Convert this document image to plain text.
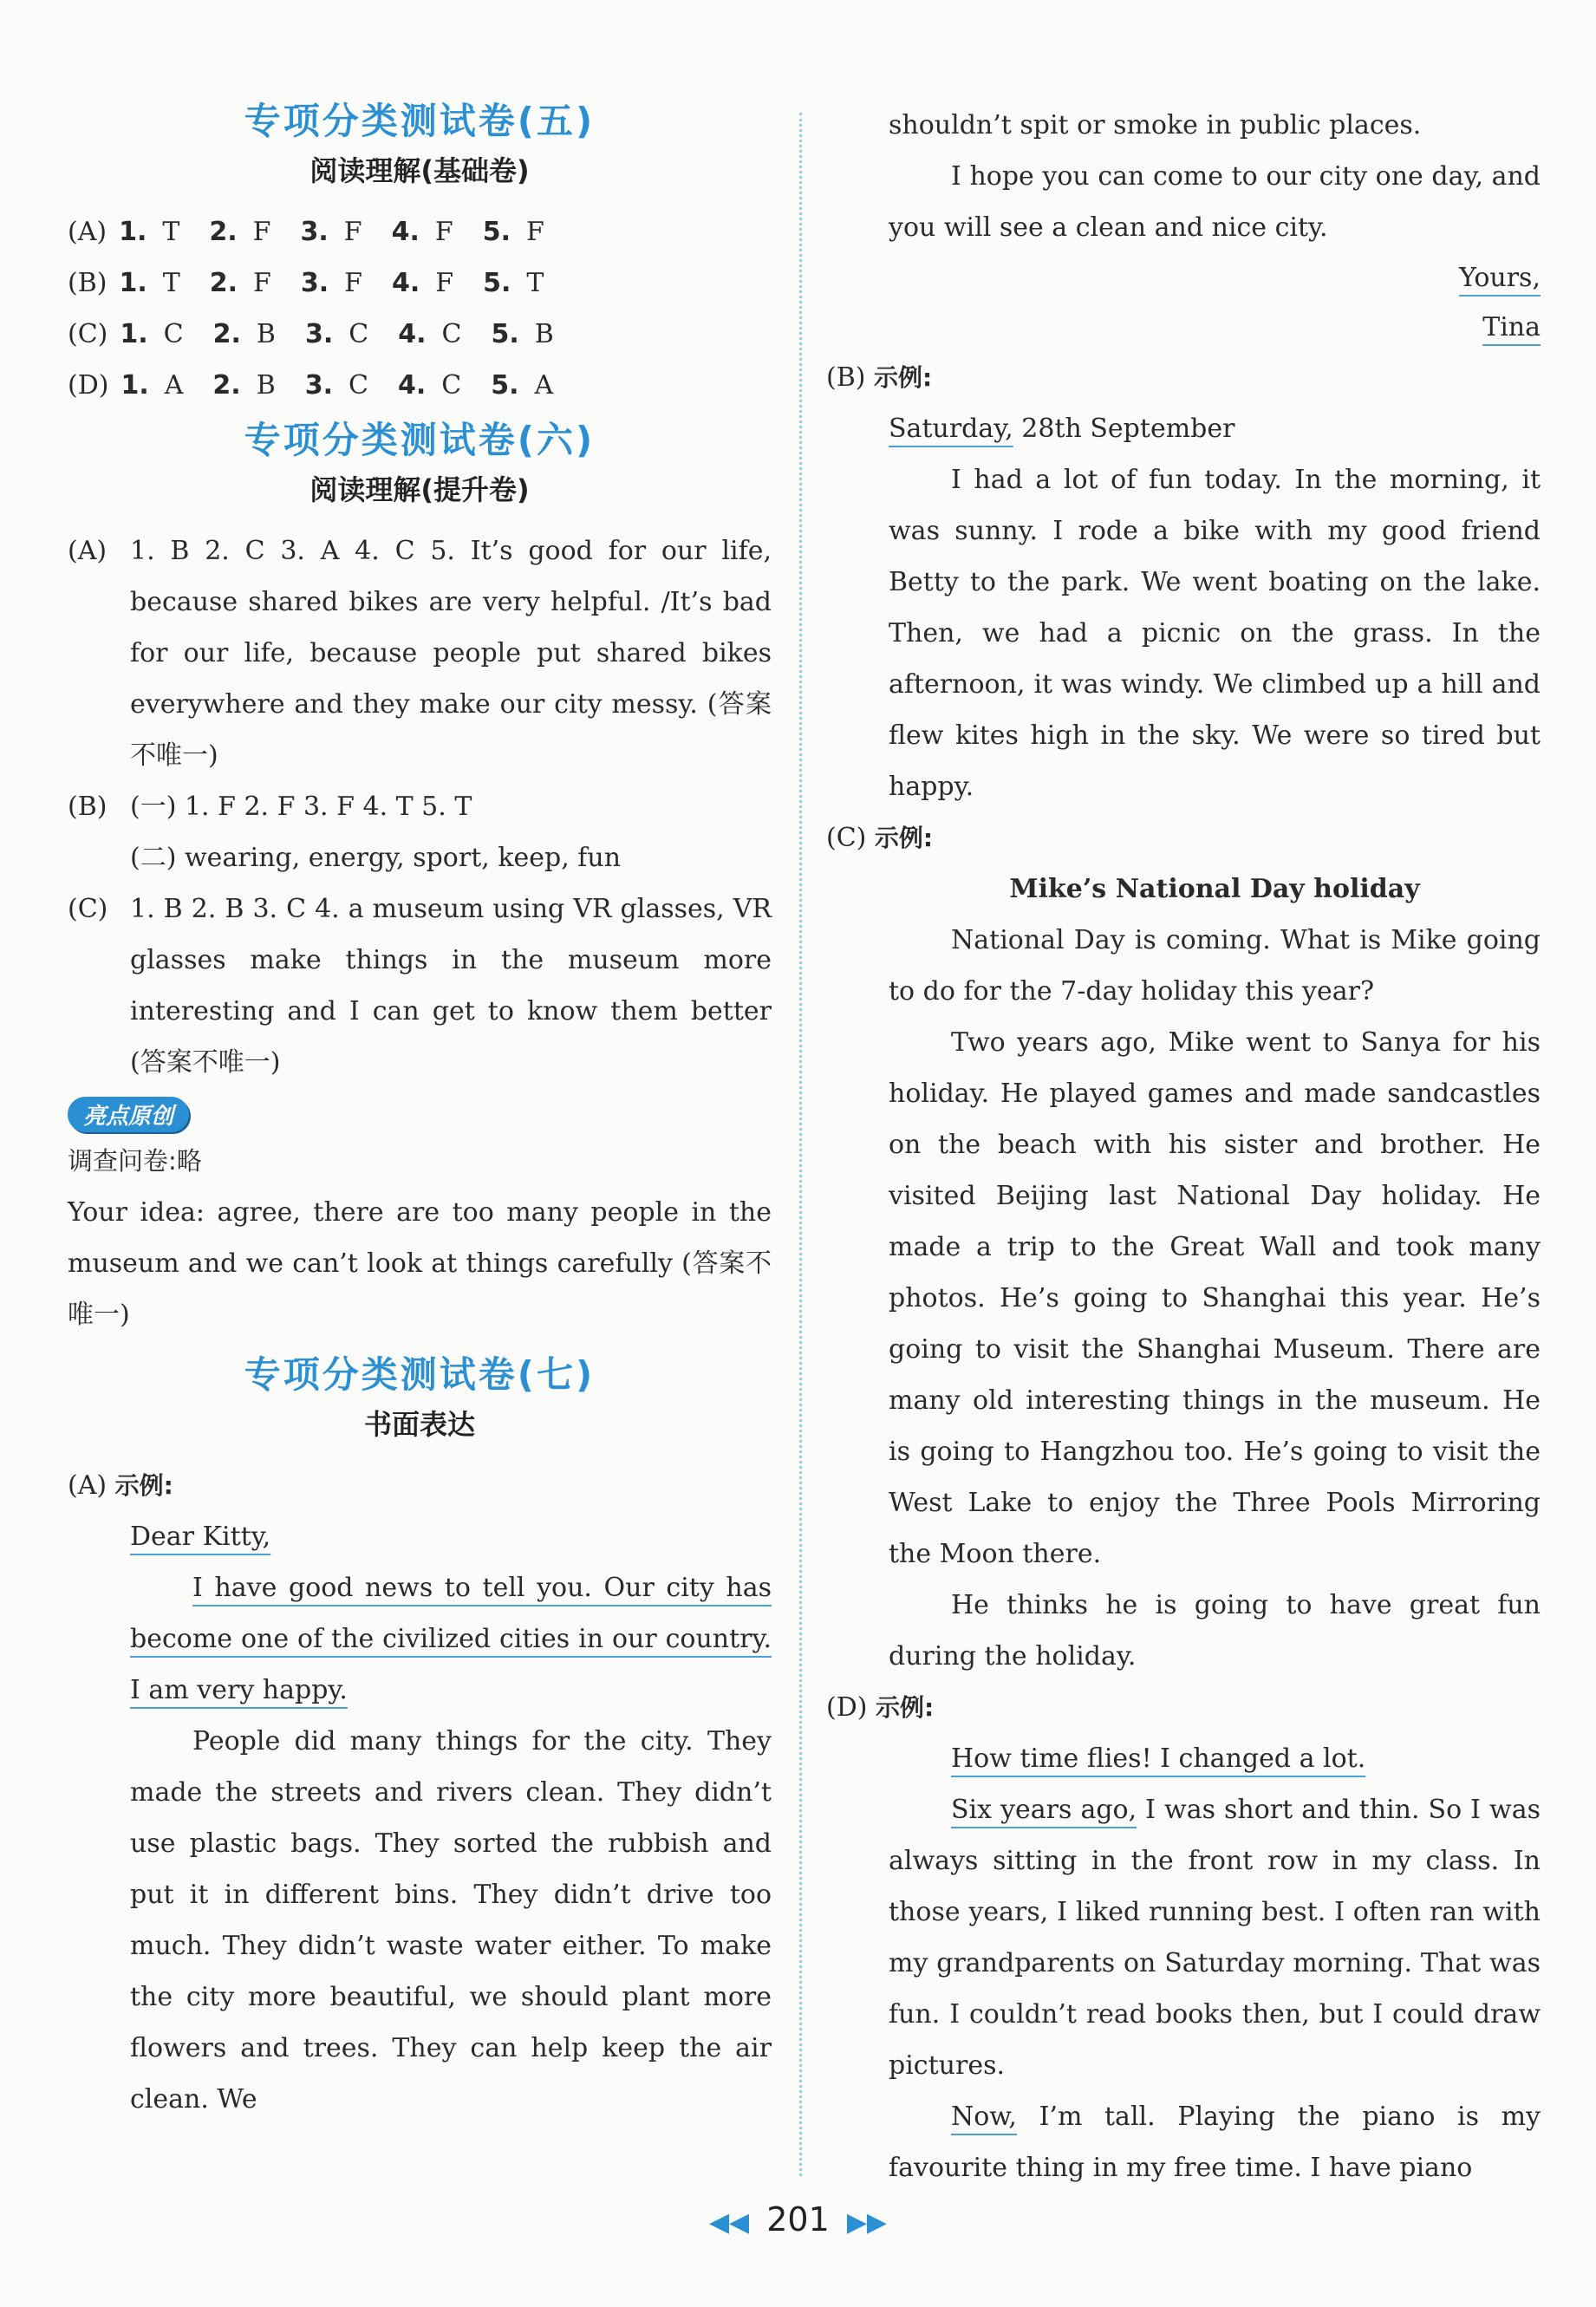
专项分类测试卷(五)
阅读理解(基础卷)
(A) 1. T 2. F 3. F 4. F 5. F
(B) 1. T 2. F 3. F 4. F 5. T
(C) 1. C 2. B 3. C 4. C 5. B
(D) 1. A 2. B 3. C 4. C 5. A
专项分类测试卷(六)
阅读理解(提升卷)
(A) 1. B 2. C 3. A 4. C 5. It’s good for our life, because shared bikes are very helpful. /It’s bad for our life, because people put shared bikes everywhere and they make our city messy. (答案不唯一)
(B) (一) 1. F 2. F 3. F 4. T 5. T
(二) wearing, energy, sport, keep, fun
(C) 1. B 2. B 3. C 4. a museum using VR glasses, VR glasses make things in the museum more interesting and I can get to know them better (答案不唯一)
亮点原创
调查问卷:略
Your idea: agree, there are too many people in the museum and we can’t look at things carefully (答案不唯一)
专项分类测试卷(七)
书面表达
(A) 示例:
Dear Kitty,
I have good news to tell you. Our city has become one of the civilized cities in our country. I am very happy.
People did many things for the city. They made the streets and rivers clean. They didn’t use plastic bags. They sorted the rubbish and put it in different bins. They didn’t drive too much. They didn’t waste water either. To make the city more beautiful, we should plant more flowers and trees. They can help keep the air clean. We
shouldn’t spit or smoke in public places.
I hope you can come to our city one day, and you will see a clean and nice city.
Yours,
Tina
(B) 示例:
Saturday, 28th September
I had a lot of fun today. In the morning, it was sunny. I rode a bike with my good friend Betty to the park. We went boating on the lake. Then, we had a picnic on the grass. In the afternoon, it was windy. We climbed up a hill and flew kites high in the sky. We were so tired but happy.
(C) 示例:
Mike’s National Day holiday
National Day is coming. What is Mike going to do for the 7-day holiday this year?
Two years ago, Mike went to Sanya for his holiday. He played games and made sandcastles on the beach with his sister and brother. He visited Beijing last National Day holiday. He made a trip to the Great Wall and took many photos. He’s going to Shanghai this year. He’s going to visit the Shanghai Museum. There are many old interesting things in the museum. He is going to Hangzhou too. He’s going to visit the West Lake to enjoy the Three Pools Mirroring the Moon there.
He thinks he is going to have great fun during the holiday.
(D) 示例:
How time flies! I changed a lot.
Six years ago, I was short and thin. So I was always sitting in the front row in my class. In those years, I liked running best. I often ran with my grandparents on Saturday morning. That was fun. I couldn’t read books then, but I could draw pictures.
Now, I’m tall. Playing the piano is my favourite thing in my free time. I have piano
◀◀ 201 ▶▶
